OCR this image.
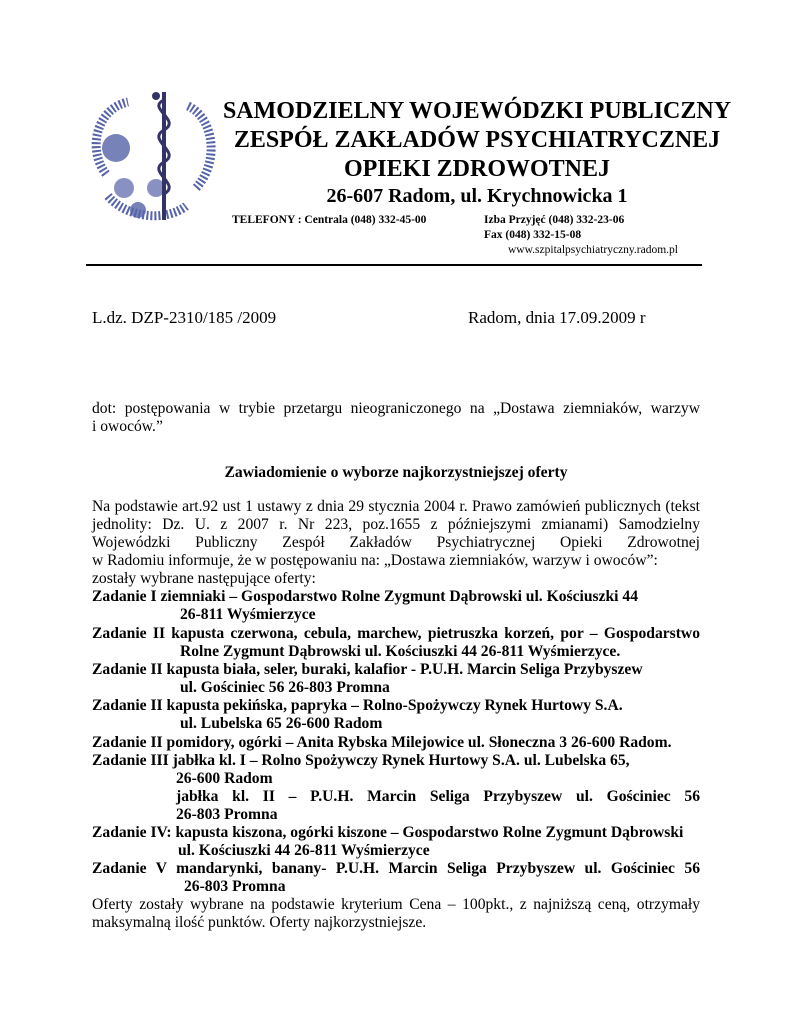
SAMODZIELNY WOJEWÓDZKI PUBLICZNY
ZESPÓŁ ZAKŁADÓW PSYCHIATRYCZNEJ
OPIEKI ZDROWOTNEJ
26-607 Radom, ul. Krychnowicka 1
TELEFONY : Centrala (048) 332-45-00	Izba Przyjęć (048) 332-23-06
Fax (048) 332-15-08
www.szpitalpsychiatryczny.radom.pl
L.dz. DZP-2310/185 /2009	Radom, dnia 17.09.2009 r
dot: postępowania w trybie przetargu nieograniczonego na „Dostawa ziemniaków, warzyw
i owoców.”
Zawiadomienie o wyborze najkorzystniejszej oferty
Na podstawie art.92 ust 1 ustawy z dnia 29 stycznia 2004 r. Prawo zamówień publicznych (tekst
jednolity: Dz. U. z 2007 r. Nr 223, poz.1655 z późniejszymi zmianami) Samodzielny
Wojewódzki Publiczny Zespół Zakładów Psychiatrycznej Opieki Zdrowotnej
w Radomiu informuje, że w postępowaniu na: „Dostawa ziemniaków, warzyw i owoców”:
zostały wybrane następujące oferty:
Zadanie I ziemniaki – Gospodarstwo Rolne Zygmunt Dąbrowski ul. Kościuszki 44
26-811 Wyśmierzyce
Zadanie II kapusta czerwona, cebula, marchew, pietruszka korzeń, por – Gospodarstwo
Rolne Zygmunt Dąbrowski ul. Kościuszki 44 26-811 Wyśmierzyce.
Zadanie II kapusta biała, seler, buraki, kalafior - P.U.H. Marcin Seliga Przybyszew
ul. Gościniec 56 26-803 Promna
Zadanie II kapusta pekińska, papryka – Rolno-Spożywczy Rynek Hurtowy S.A.
ul. Lubelska 65 26-600 Radom
Zadanie II pomidory, ogórki – Anita Rybska Milejowice ul. Słoneczna 3 26-600 Radom.
Zadanie III jabłka kl. I – Rolno Spożywczy Rynek Hurtowy S.A. ul. Lubelska 65,
26-600 Radom
jabłka kl. II – P.U.H. Marcin Seliga Przybyszew ul. Gościniec 56
26-803 Promna
Zadanie IV: kapusta kiszona, ogórki kiszone – Gospodarstwo Rolne Zygmunt Dąbrowski
ul. Kościuszki 44 26-811 Wyśmierzyce
Zadanie V mandarynki, banany- P.U.H. Marcin Seliga Przybyszew ul. Gościniec 56
26-803 Promna
Oferty zostały wybrane na podstawie kryterium Cena – 100pkt., z najniższą ceną, otrzymały
maksymalną ilość punktów. Oferty najkorzystniejsze.
